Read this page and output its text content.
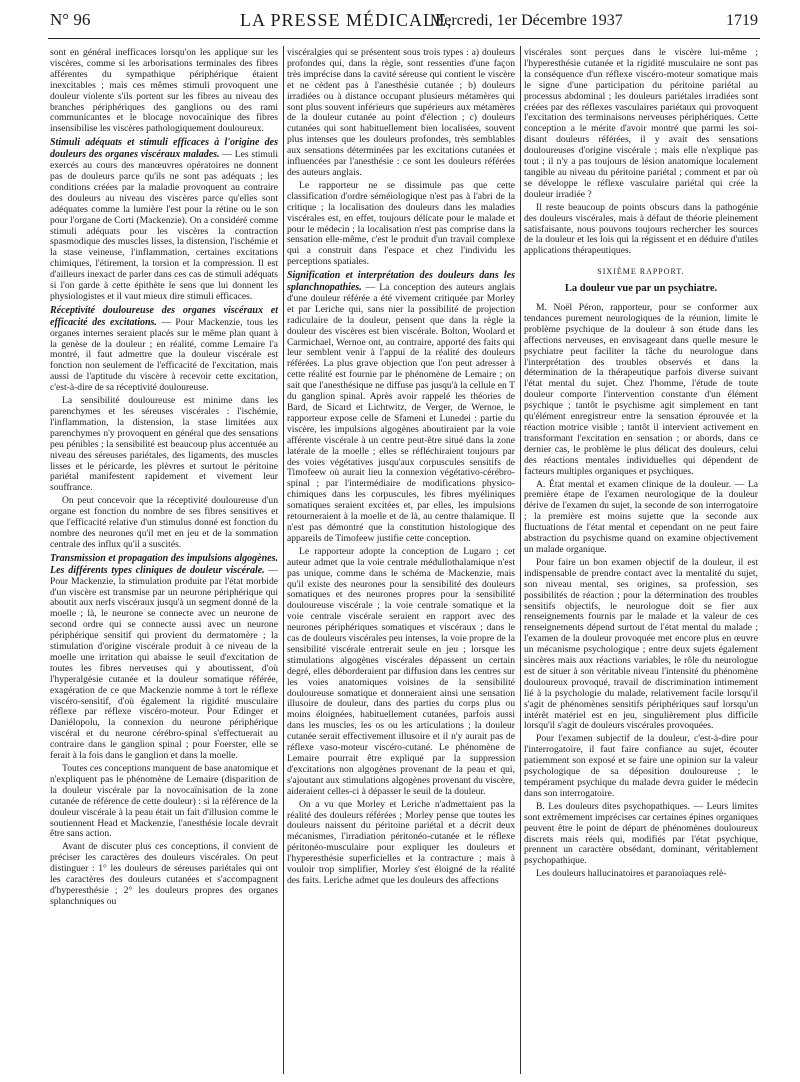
N° 96	LA PRESSE MÉDICALE,
Mercredi, 1er Décembre 1937	1719

sont en général inefficaces lorsqu'on les applique sur les viscères, comme si les arborisations terminales des fibres afférentes du sympathique périphérique étaient inexcitables ; mais ces mêmes stimuli provoquent une douleur violente s'ils portent sur les fibres au niveau des branches périphériques des ganglions ou des rami communicantes et le blocage novocaïnique des fibres insensibilise les viscères pathologiquement douloureux.

Stimuli adéquats et stimuli efficaces à l'origine des douleurs des organes viscéraux malades. — Les stimuli exercés au cours des manœuvres opératoires ne donnent pas de douleurs parce qu'ils ne sont pas adéquats ; les conditions créées par la maladie provoquent au contraire des douleurs au niveau des viscères parce qu'elles sont adéquates comme la lumière l'est pour la rétine ou le son pour l'organe de Corti (Mackenzie). On a considéré comme stimuli adéquats pour les viscères la contraction spasmodique des muscles lisses, la distension, l'ischémie et la stase veineuse, l'inflammation, certaines excitations chimiques, l'étirement, la torsion et la compression. Il est d'ailleurs inexact de parler dans ces cas de stimuli adéquats si l'on garde à cette épithète le sens que lui donnent les physiologistes et il vaut mieux dire stimuli efficaces.

Réceptivité douloureuse des organes viscéraux et efficacité des excitations. — Pour Mackenzie, tous les organes internes seraient placés sur le même plan quant à la genèse de la douleur ; en réalité, comme Lemaire l'a montré, il faut admettre que la douleur viscérale est fonction non seulement de l'efficacité de l'excitation, mais aussi de l'aptitude du viscère à recevoir cette excitation, c'est-à-dire de sa réceptivité douloureuse.

La sensibilité douloureuse est minime dans les parenchymes et les séreuses viscérales : l'ischémie, l'inflammation, la distension, la stase limitées aux parenchymes n'y provoquent en général que des sensations peu pénibles ; la sensibilité est beaucoup plus accentuée au niveau des séreuses pariétales, des ligaments, des muscles lisses et le péricarde, les plèvres et surtout le péritoine pariétal manifestent rapidement et vivement leur souffrance.

On peut concevoir que la réceptivité douloureuse d'un organe est fonction du nombre de ses fibres sensitives et que l'efficacité relative d'un stimulus donné est fonction du nombre des neurones qu'il met en jeu et de la sommation centrale des influx qu'il a suscités.

Transmission et propagation des impulsions algogènes. Les différents types cliniques de douleur viscérale. — Pour Mackenzie, la stimulation produite par l'état morbide d'un viscère est transmise par un neurone périphérique qui aboutit aux nerfs viscéraux jusqu'à un segment donné de la moelle ; là, le neurone se connecte avec un neurone de second ordre qui se connecte aussi avec un neurone périphérique sensitif qui provient du dermatomère ; la stimulation d'origine viscérale produit à ce niveau de la moelle une irritation qui abaisse le seuil d'excitation de toutes les fibres nerveuses qui y aboutissent, d'où l'hyperalgésie cutanée et la douleur somatique référée, exagération de ce que Mackenzie nomme à tort le réflexe viscéro-sensitif, d'où également la rigidité musculaire réflexe par réflexe viscéro-moteur. Pour Edinger et Daniélopolu, la connexion du neurone périphérique viscéral et du neurone cérébro-spinal s'effectuerait au contraire dans le ganglion spinal ; pour Foerster, elle se ferait à la fois dans le ganglion et dans la moelle.

Toutes ces conceptions manquent de base anatomique et n'expliquent pas le phénomène de Lemaire (disparition de la douleur viscérale par la novocaïnisation de la zone cutanée de référence de cette douleur) : si la référence de la douleur viscérale à la peau était un fait d'illusion comme le soutiennent Head et Mackenzie, l'anesthésie locale devrait être sans action.

Avant de discuter plus ces conceptions, il convient de préciser les caractères des douleurs viscérales. On peut distinguer : 1° les douleurs de séreuses pariétales qui ont les caractères des douleurs cutanées et s'accompagnent d'hyperesthésie ; 2° les douleurs propres des organes splanchniques ou

viscéralgies qui se présentent sous trois types : a) douleurs profondes qui, dans la règle, sont ressenties d'une façon très imprécise dans la cavité séreuse qui contient le viscère et ne cèdent pas à l'anesthésie cutanée ; b) douleurs irradiées ou à distance occupant plusieurs métamères qui sont plus souvent inférieurs que supérieurs aux métamères de la douleur cutanée au point d'élection ; c) douleurs cutanées qui sont habituellement bien localisées, souvent plus intenses que les douleurs profondes, très semblables aux sensations déterminées par les excitations cutanées et influencées par l'anesthésie : ce sont les douleurs référées des auteurs anglais.

Le rapporteur ne se dissimule pas que cette classification d'ordre séméiologique n'est pas à l'abri de la critique ; la localisation des douleurs dans les maladies viscérales est, en effet, toujours délicate pour le malade et pour le médecin ; la localisation n'est pas comprise dans la sensation elle-même, c'est le produit d'un travail complexe qui a construit dans l'espace et chez l'individu les perceptions spatiales.

Signification et interprétation des douleurs dans les splanchnopathies. — La conception des auteurs anglais d'une douleur référée a été vivement critiquée par Morley et par Leriche qui, sans nier la possibilité de projection radiculaire de la douleur, pensent que dans la règle la douleur des viscères est bien viscérale. Bolton, Woolard et Carmichael, Wernoe ont, au contraire, apporté des faits qui leur semblent venir à l'appui de la réalité des douleurs référées. La plus grave objection que l'on peut adresser à cette réalité est fournie par le phénomène de Lemaire ; on sait que l'anesthésique ne diffuse pas jusqu'à la cellule en T du ganglion spinal. Après avoir rappelé les théories de Bard, de Sicard et Lichtwitz, de Verger, de Wernoe, le rapporteur expose celle de Sfameni et Lunedei : partie du viscère, les impulsions algogènes aboutiraient par la voie afférente viscérale à un centre peut-être situé dans la zone latérale de la moelle ; elles se réfléchiraient toujours par des voies végétatives jusqu'aux corpuscules sensitifs de Timofeew où aurait lieu la connexion végétativo-cérébro-spinal ; par l'intermédiaire de modifications physico-chimiques dans les corpuscules, les fibres myéliniques somatiques seraient excitées et, par elles, les impulsions retourneraient à la moelle et de là, au centre thalamique. Il n'est pas démontré que la constitution histologique des appareils de Timofeew justifie cette conception.

Le rapporteur adopte la conception de Lugaro ; cet auteur admet que la voie centrale médullothalamique n'est pas unique, comme dans le schéma de Mackenzie, mais qu'il existe des neurones pour la sensibilité des douleurs somatiques et des neurones propres pour la sensibilité douloureuse viscérale ; la voie centrale somatique et la voie centrale viscérale seraient en rapport avec des neurones périphériques somatiques et viscéraux ; dans le cas de douleurs viscérales peu intenses, la voie propre de la sensibilité viscérale entrerait seule en jeu ; lorsque les stimulations algogènes viscérales dépassent un certain degré, elles déborderaient par diffusion dans les centres sur les voies anatomiques voisines de la sensibilité douloureuse somatique et donneraient ainsi une sensation illusoire de douleur, dans des parties du corps plus ou moins éloignées, habituellement cutanées, parfois aussi dans les muscles, les os ou les articulations ; la douleur cutanée serait effectivement illusoire et il n'y aurait pas de réflexe vaso-moteur viscéro-cutané. Le phénomène de Lemaire pourrait être expliqué par la suppression d'excitations non algogènes provenant de la peau et qui, s'ajoutant aux stimulations algogènes provenant du viscère, aideraient celles-ci à dépasser le seuil de la douleur.

On a vu que Morley et Leriche n'admettaient pas la réalité des douleurs référées ; Morley pense que toutes les douleurs naissent du péritoine pariétal et a décrit deux mécanismes, l'irradiation péritonéo-cutanée et le réflexe péritonéo-musculaire pour expliquer les douleurs et l'hyperesthésie superficielles et la contracture ; mais à vouloir trop simplifier, Morley s'est éloigné de la réalité des faits. Leriche admet que les douleurs des affections

viscérales sont perçues dans le viscère lui-même ; l'hyperesthésie cutanée et la rigidité musculaire ne sont pas la conséquence d'un réflexe viscéro-moteur somatique mais le signe d'une participation du péritoine pariétal au processus abdominal ; les douleurs pariétales irradiées sont créées par des réflexes vasculaires pariétaux qui provoquent l'excitation des terminaisons nerveuses périphériques. Cette conception a le mérite d'avoir montré que parmi les soi-disant douleurs référées, il y avait des sensations douloureuses d'origine viscérale ; mais elle n'explique pas tout ; il n'y a pas toujours de lésion anatomique localement tangible au niveau du péritoine pariétal ; comment et par où se développe le réflexe vasculaire pariétal qui crée la douleur irradiée ?

Il reste beaucoup de points obscurs dans la pathogénie des douleurs viscérales, mais à défaut de théorie pleinement satisfaisante, nous pouvons toujours rechercher les sources de la douleur et les lois qui la régissent et en déduire d'utiles applications thérapeutiques.

SIXIÈME RAPPORT.
La douleur vue par un psychiatre.

M. Noël Péron, rapporteur, pour se conformer aux tendances purement neurologiques de la réunion, limite le problème psychique de la douleur à son étude dans les affections nerveuses, en envisageant dans quelle mesure le psychiatre peut faciliter la tâche du neurologue dans l'interprétation des troubles observés et dans la détermination de la thérapeutique parfois diverse suivant l'état mental du sujet. Chez l'homme, l'étude de toute douleur comporte l'intervention constante d'un élément psychique ; tantôt le psychisme agit simplement en tant qu'élément enregistreur entre la sensation éprouvée et la réaction motrice visible ; tantôt il intervient activement en transformant l'excitation en sensation ; or abords, dans ce dernier cas, le problème le plus délicat des douleurs, celui des réactions mentales individuelles qui dépendent de facteurs multiples organiques et psychiques.

A. État mental et examen clinique de la douleur. — La première étape de l'examen neurologique de la douleur dérive de l'examen du sujet, la seconde de son interrogatoire ; la première est moins sujette que la seconde aux fluctuations de l'état mental et cependant on ne peut faire abstraction du psychisme quand on examine objectivement un malade organique.

Pour faire un bon examen objectif de la douleur, il est indispensable de prendre contact avec la mentalité du sujet, son niveau mental, ses origines, sa profession, ses possibilités de réaction ; pour la détermination des troubles sensitifs objectifs, le neurologue doit se fier aux renseignements fournis par le malade et la valeur de ces renseignements dépend surtout de l'état mental du malade ; l'examen de la douleur provoquée met encore plus en œuvre un mécanisme psychologique ; entre deux sujets également sincères mais aux réactions variables, le rôle du neurologue est de situer à son véritable niveau l'intensité du phénomène douloureux provoqué, travail de discrimination intimement lié à la psychologie du malade, relativement facile lorsqu'il s'agit de phénomènes sensitifs périphériques sauf lorsqu'un intérêt matériel est en jeu, singulièrement plus difficile lorsqu'il s'agit de douleurs viscérales provoquées.

Pour l'examen subjectif de la douleur, c'est-à-dire pour l'interrogatoire, il faut faire confiance au sujet, écouter patiemment son exposé et se faire une opinion sur la valeur psychologique de sa déposition douloureuse ; le tempérament psychique du malade devra guider le médecin dans son interrogatoire.

B. Les douleurs dites psychopathiques. — Leurs limites sont extrêmement imprécises car certaines épines organiques peuvent être le point de départ de phénomènes douloureux discrets mais réels qui, modifiés par l'état psychique, prennent un caractère obsédant, dominant, véritablement psychopathique.

Les douleurs hallucinatoires et paranoïaques relè-
